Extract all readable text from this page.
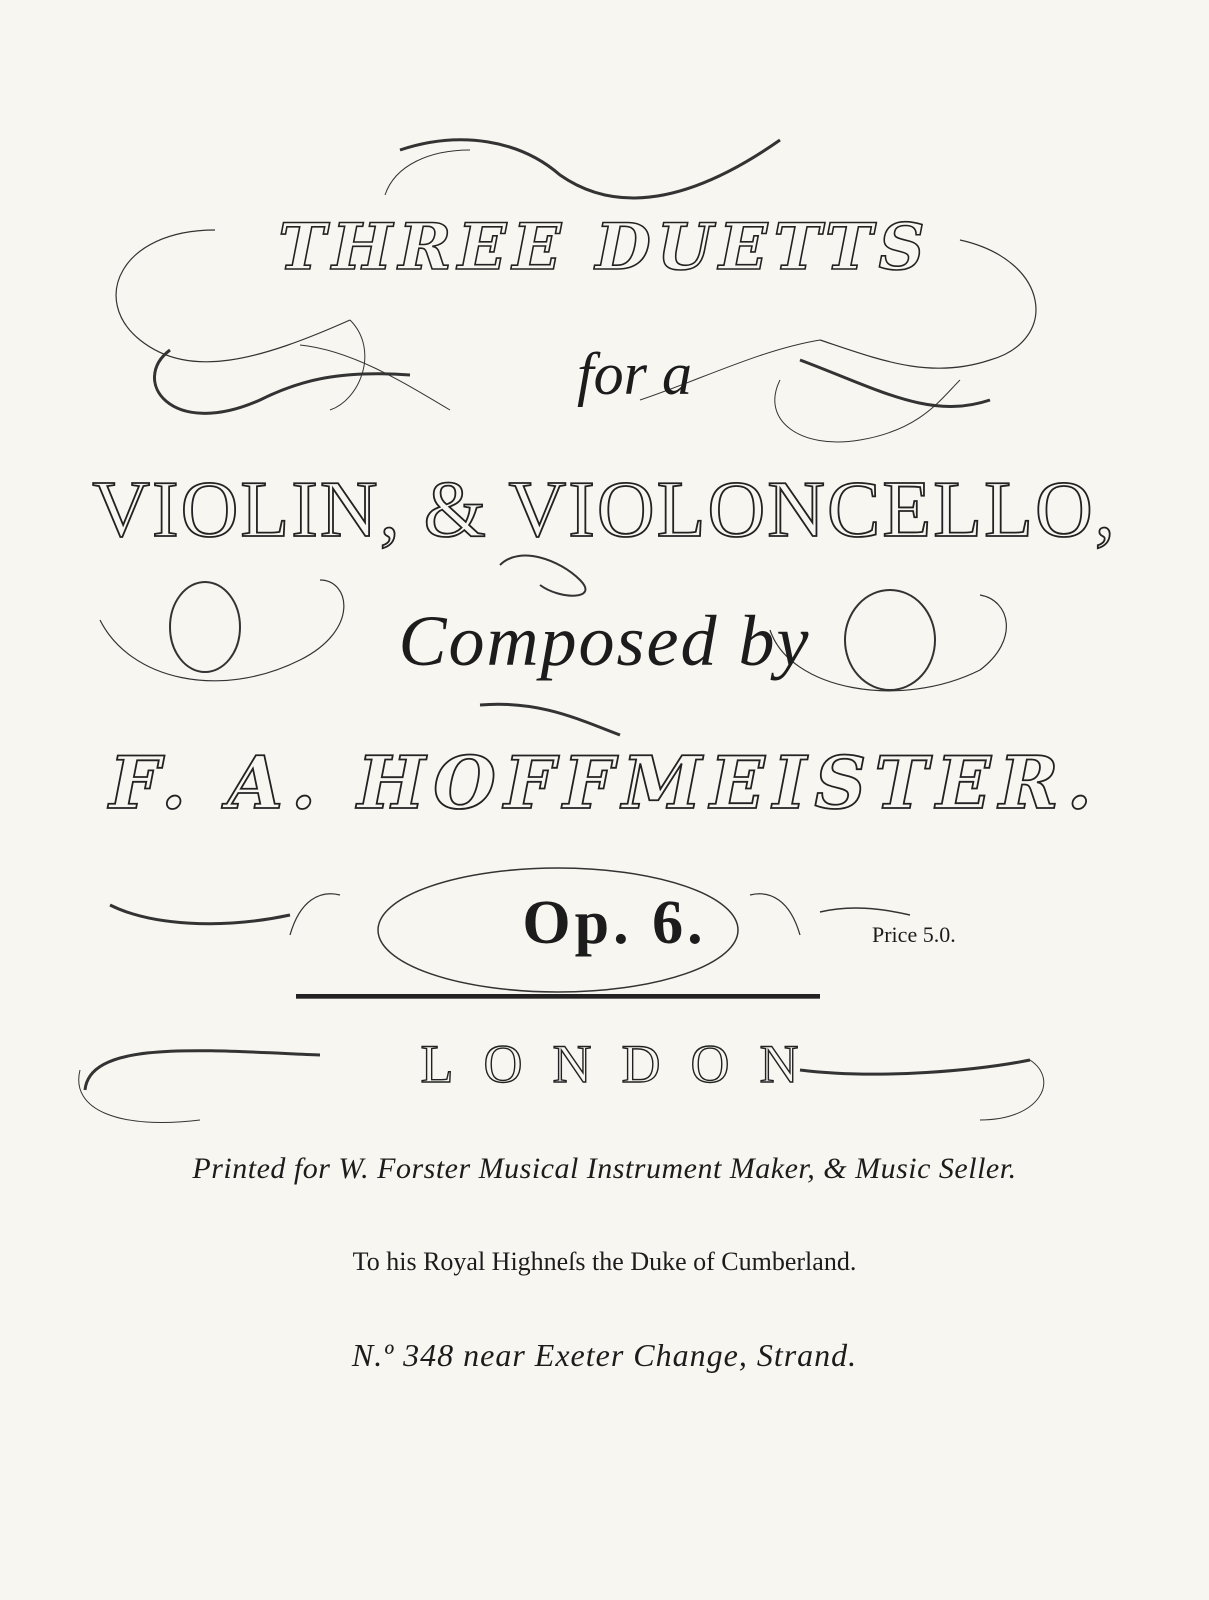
THREE DUETTS
for a
VIOLIN, & VIOLONCELLO,
Composed by
F. A. HOFFMEISTER.
Op. 6.	Price 5.0.
LONDON
Printed for W. Forster Musical Instrument Maker, & Music Seller.
To his Royal Highneſs the Duke of Cumberland.
N.º 348 near Exeter Change, Strand.
